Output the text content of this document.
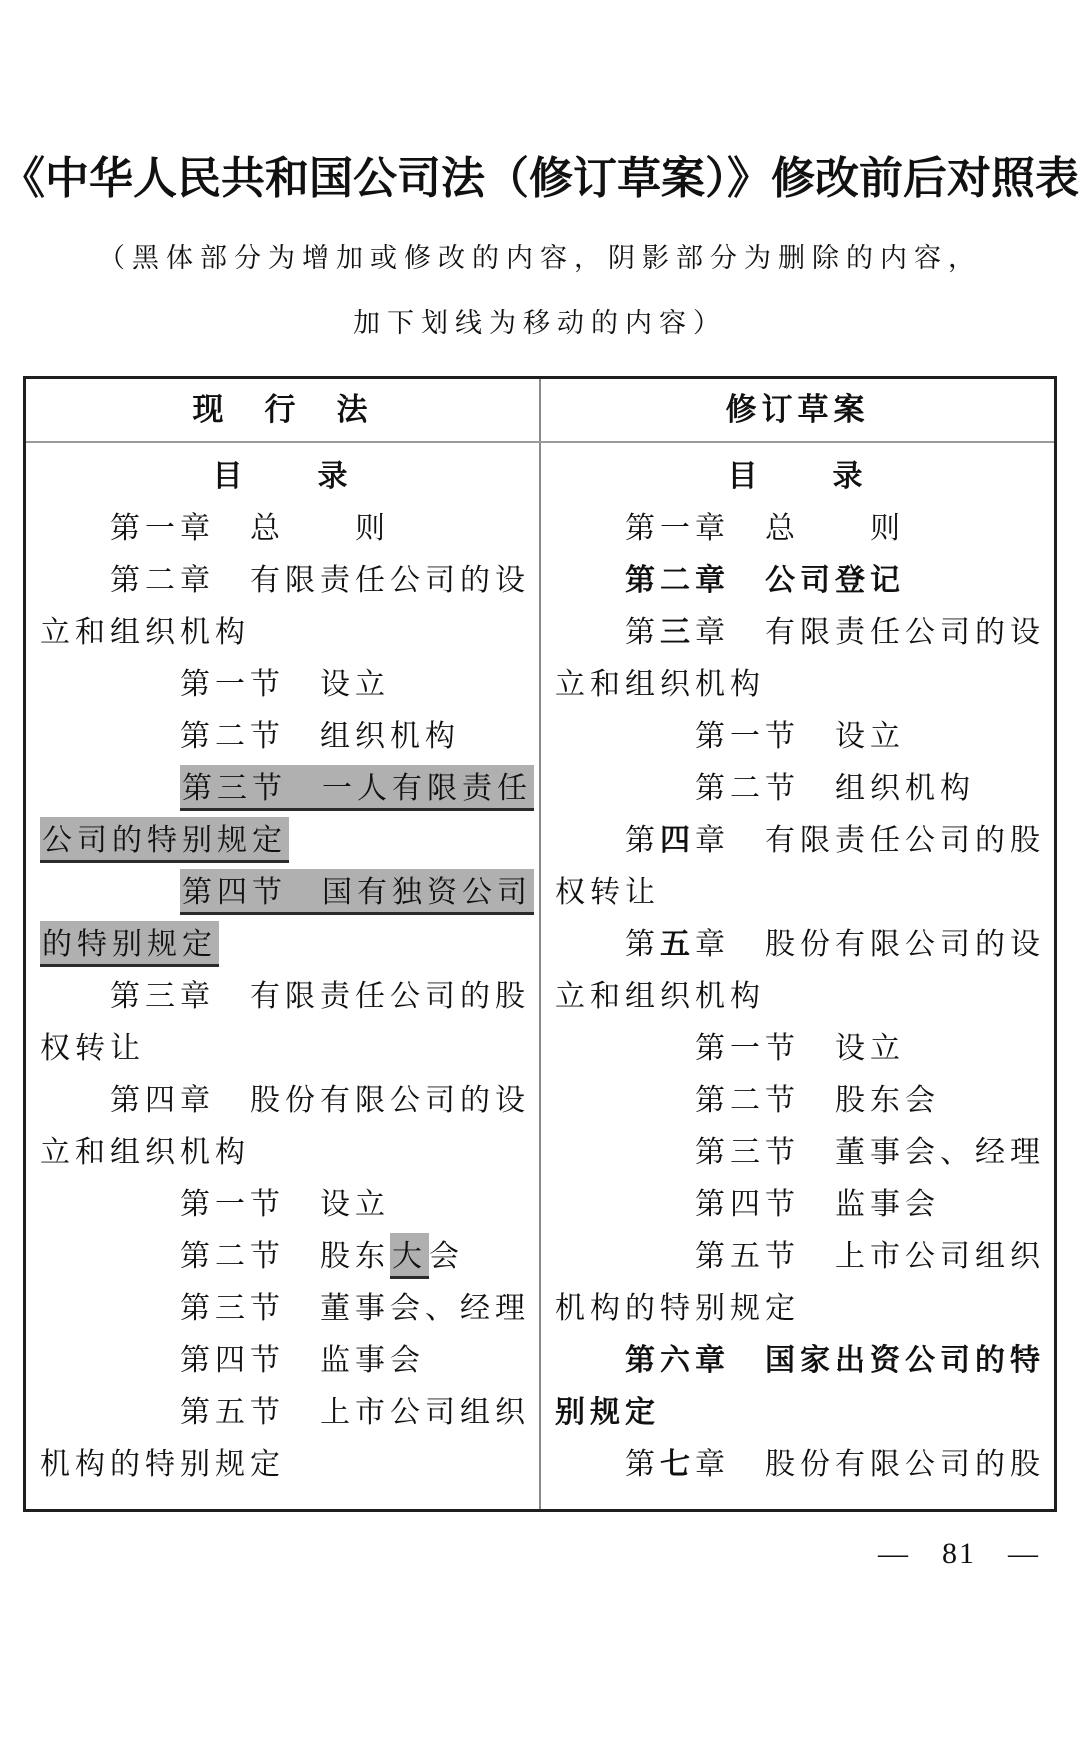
《中华人民共和国公司法（修订草案）》修改前后对照表
（黑体部分为增加或修改的内容，阴影部分为删除的内容，
加下划线为移动的内容）
现　行　法	修订草案
目　　录
第一章　总　　则
第二章　有限责任公司的设
立和组织机构
第一节　设立
第二节　组织机构
第三节　一人有限责任
公司的特别规定
第四节　国有独资公司
的特别规定
第三章　有限责任公司的股
权转让
第四章　股份有限公司的设
立和组织机构
第一节　设立
第二节　股东大会
第三节　董事会、经理
第四节　监事会
第五节　上市公司组织
机构的特别规定
目　　录
第一章　总　　则
第二章　公司登记
第三章　有限责任公司的设
立和组织机构
第一节　设立
第二节　组织机构
第四章　有限责任公司的股
权转让
第五章　股份有限公司的设
立和组织机构
第一节　设立
第二节　股东会
第三节　董事会、经理
第四节　监事会
第五节　上市公司组织
机构的特别规定
第六章　国家出资公司的特
别规定
第七章　股份有限公司的股
—　81　—
